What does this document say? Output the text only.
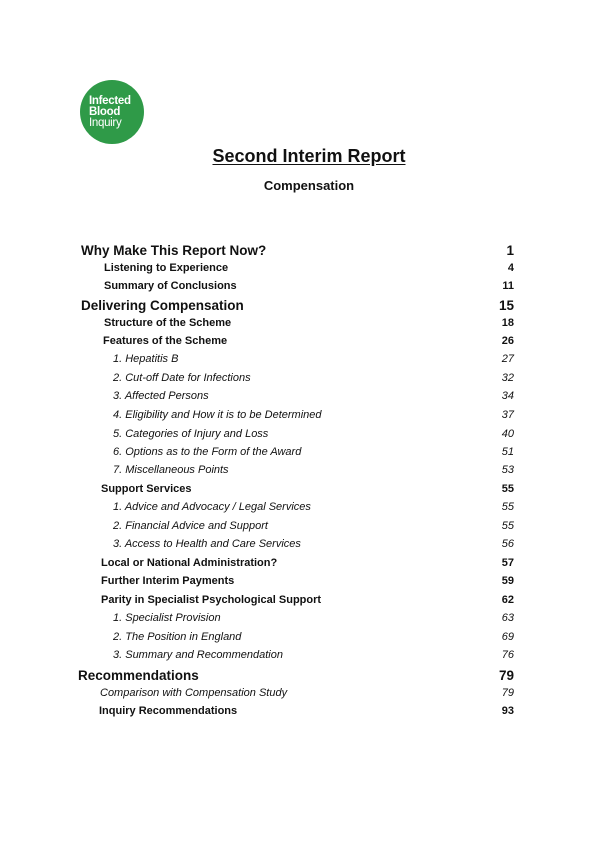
Infected
Blood
Inquiry
Second Interim Report
Compensation
Why Make This Report Now?	1
Listening to Experience	4
Summary of Conclusions	11
Delivering Compensation	15
Structure of the Scheme	18
Features of the Scheme	26
1. Hepatitis B	27
2. Cut-off Date for Infections	32
3. Affected Persons	34
4. Eligibility and How it is to be Determined	37
5. Categories of Injury and Loss	40
6. Options as to the Form of the Award	51
7. Miscellaneous Points	53
Support Services	55
1. Advice and Advocacy / Legal Services	55
2. Financial Advice and Support	55
3. Access to Health and Care Services	56
Local or National Administration?	57
Further Interim Payments	59
Parity in Specialist Psychological Support	62
1. Specialist Provision	63
2. The Position in England	69
3. Summary and Recommendation	76
Recommendations	79
Comparison with Compensation Study	79
Inquiry Recommendations	93
